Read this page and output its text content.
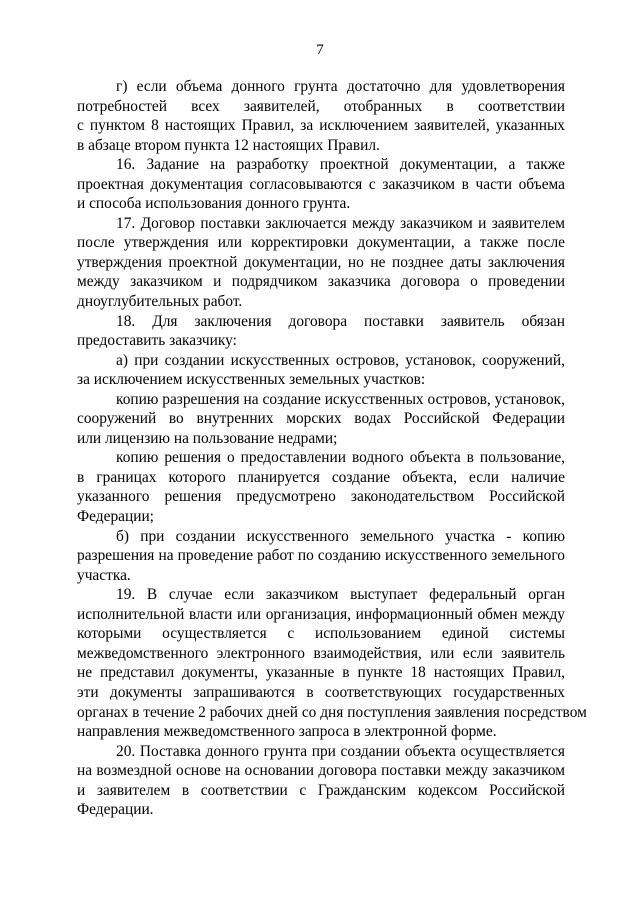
7
г) если объема донного грунта достаточно для удовлетворения
потребностей всех заявителей, отобранных в соответствии
с пунктом 8 настоящих Правил, за исключением заявителей, указанных
в абзаце втором пункта 12 настоящих Правил.
16. Задание на разработку проектной документации, а также
проектная документация согласовываются с заказчиком в части объема
и способа использования донного грунта.
17. Договор поставки заключается между заказчиком и заявителем
после утверждения или корректировки документации, а также после
утверждения проектной документации, но не позднее даты заключения
между заказчиком и подрядчиком заказчика договора о проведении
дноуглубительных работ.
18. Для заключения договора поставки заявитель обязан
предоставить заказчику:
а) при создании искусственных островов, установок, сооружений,
за исключением искусственных земельных участков:
копию разрешения на создание искусственных островов, установок,
сооружений во внутренних морских водах Российской Федерации
или лицензию на пользование недрами;
копию решения о предоставлении водного объекта в пользование,
в границах которого планируется создание объекта, если наличие
указанного решения предусмотрено законодательством Российской
Федерации;
б) при создании искусственного земельного участка - копию
разрешения на проведение работ по созданию искусственного земельного
участка.
19. В случае если заказчиком выступает федеральный орган
исполнительной власти или организация, информационный обмен между
которыми осуществляется с использованием единой системы
межведомственного электронного взаимодействия, или если заявитель
не представил документы, указанные в пункте 18 настоящих Правил,
эти документы запрашиваются в соответствующих государственных
органах в течение 2 рабочих дней со дня поступления заявления посредством
направления межведомственного запроса в электронной форме.
20. Поставка донного грунта при создании объекта осуществляется
на возмездной основе на основании договора поставки между заказчиком
и заявителем в соответствии с Гражданским кодексом Российской
Федерации.
